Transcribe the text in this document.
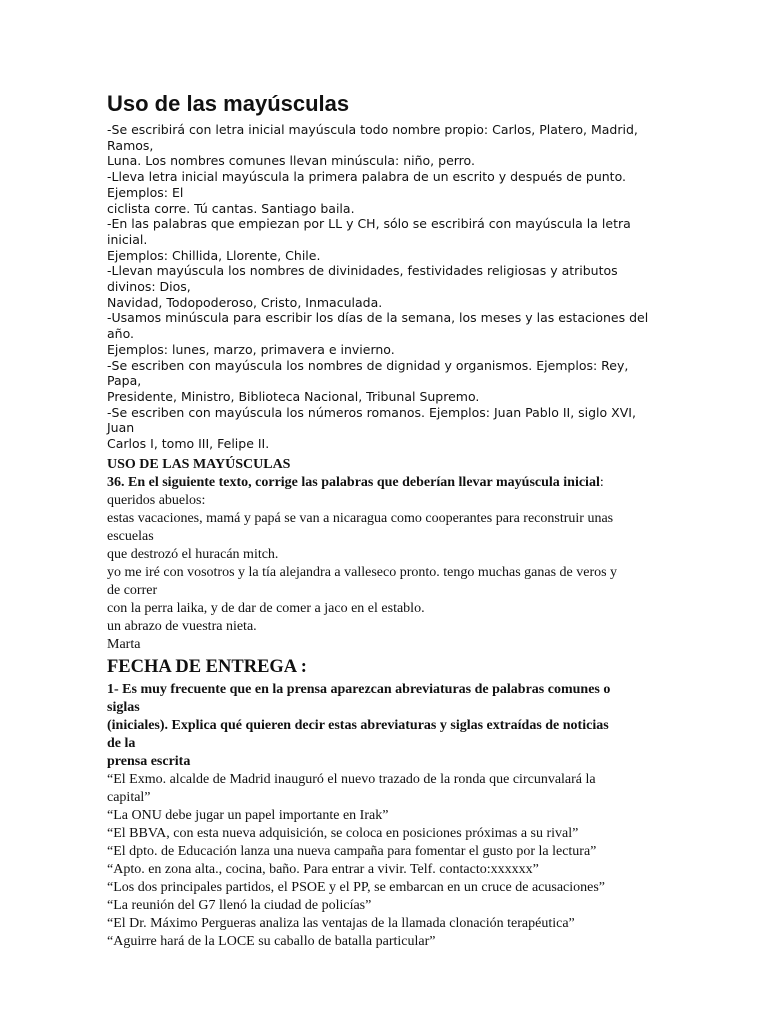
Uso de las mayúsculas
-Se escribirá con letra inicial mayúscula todo nombre propio: Carlos, Platero, Madrid,
Ramos,
Luna. Los nombres comunes llevan minúscula: niño, perro.
-Lleva letra inicial mayúscula la primera palabra de un escrito y después de punto.
Ejemplos: El
ciclista corre. Tú cantas. Santiago baila.
-En las palabras que empiezan por LL y CH, sólo se escribirá con mayúscula la letra
inicial.
Ejemplos: Chillida, Llorente, Chile.
-Llevan mayúscula los nombres de divinidades, festividades religiosas y atributos
divinos: Dios,
Navidad, Todopoderoso, Cristo, Inmaculada.
-Usamos minúscula para escribir los días de la semana, los meses y las estaciones del
año.
Ejemplos: lunes, marzo, primavera e invierno.
-Se escriben con mayúscula los nombres de dignidad y organismos. Ejemplos: Rey,
Papa,
Presidente, Ministro, Biblioteca Nacional, Tribunal Supremo.
-Se escriben con mayúscula los números romanos. Ejemplos: Juan Pablo II, siglo XVI,
Juan
Carlos I, tomo III, Felipe II.
USO DE LAS MAYÚSCULAS
36. En el siguiente texto, corrige las palabras que deberían llevar mayúscula inicial:
queridos abuelos:
estas vacaciones, mamá y papá se van a nicaragua como cooperantes para reconstruir unas
escuelas
que destrozó el huracán mitch.
yo me iré con vosotros y la tía alejandra a valleseco pronto. tengo muchas ganas de veros y
de correr
con la perra laika, y de dar de comer a jaco en el establo.
un abrazo de vuestra nieta.
Marta
FECHA DE ENTREGA :
1- Es muy frecuente que en la prensa aparezcan abreviaturas de palabras comunes o
siglas
(iniciales). Explica qué quieren decir estas abreviaturas y siglas extraídas de noticias
de la
prensa escrita
“El Exmo. alcalde de Madrid inauguró el nuevo trazado de la ronda que circunvalará la
capital”
“La ONU debe jugar un papel importante en Irak”
“El BBVA, con esta nueva adquisición, se coloca en posiciones próximas a su rival”
“El dpto. de Educación lanza una nueva campaña para fomentar el gusto por la lectura”
“Apto. en zona alta., cocina, baño. Para entrar a vivir. Telf. contacto:xxxxxx”
“Los dos principales partidos, el PSOE y el PP, se embarcan en un cruce de acusaciones”
“La reunión del G7 llenó la ciudad de policías”
“El Dr. Máximo Pergueras analiza las ventajas de la llamada clonación terapéutica”
“Aguirre hará de la LOCE su caballo de batalla particular”
